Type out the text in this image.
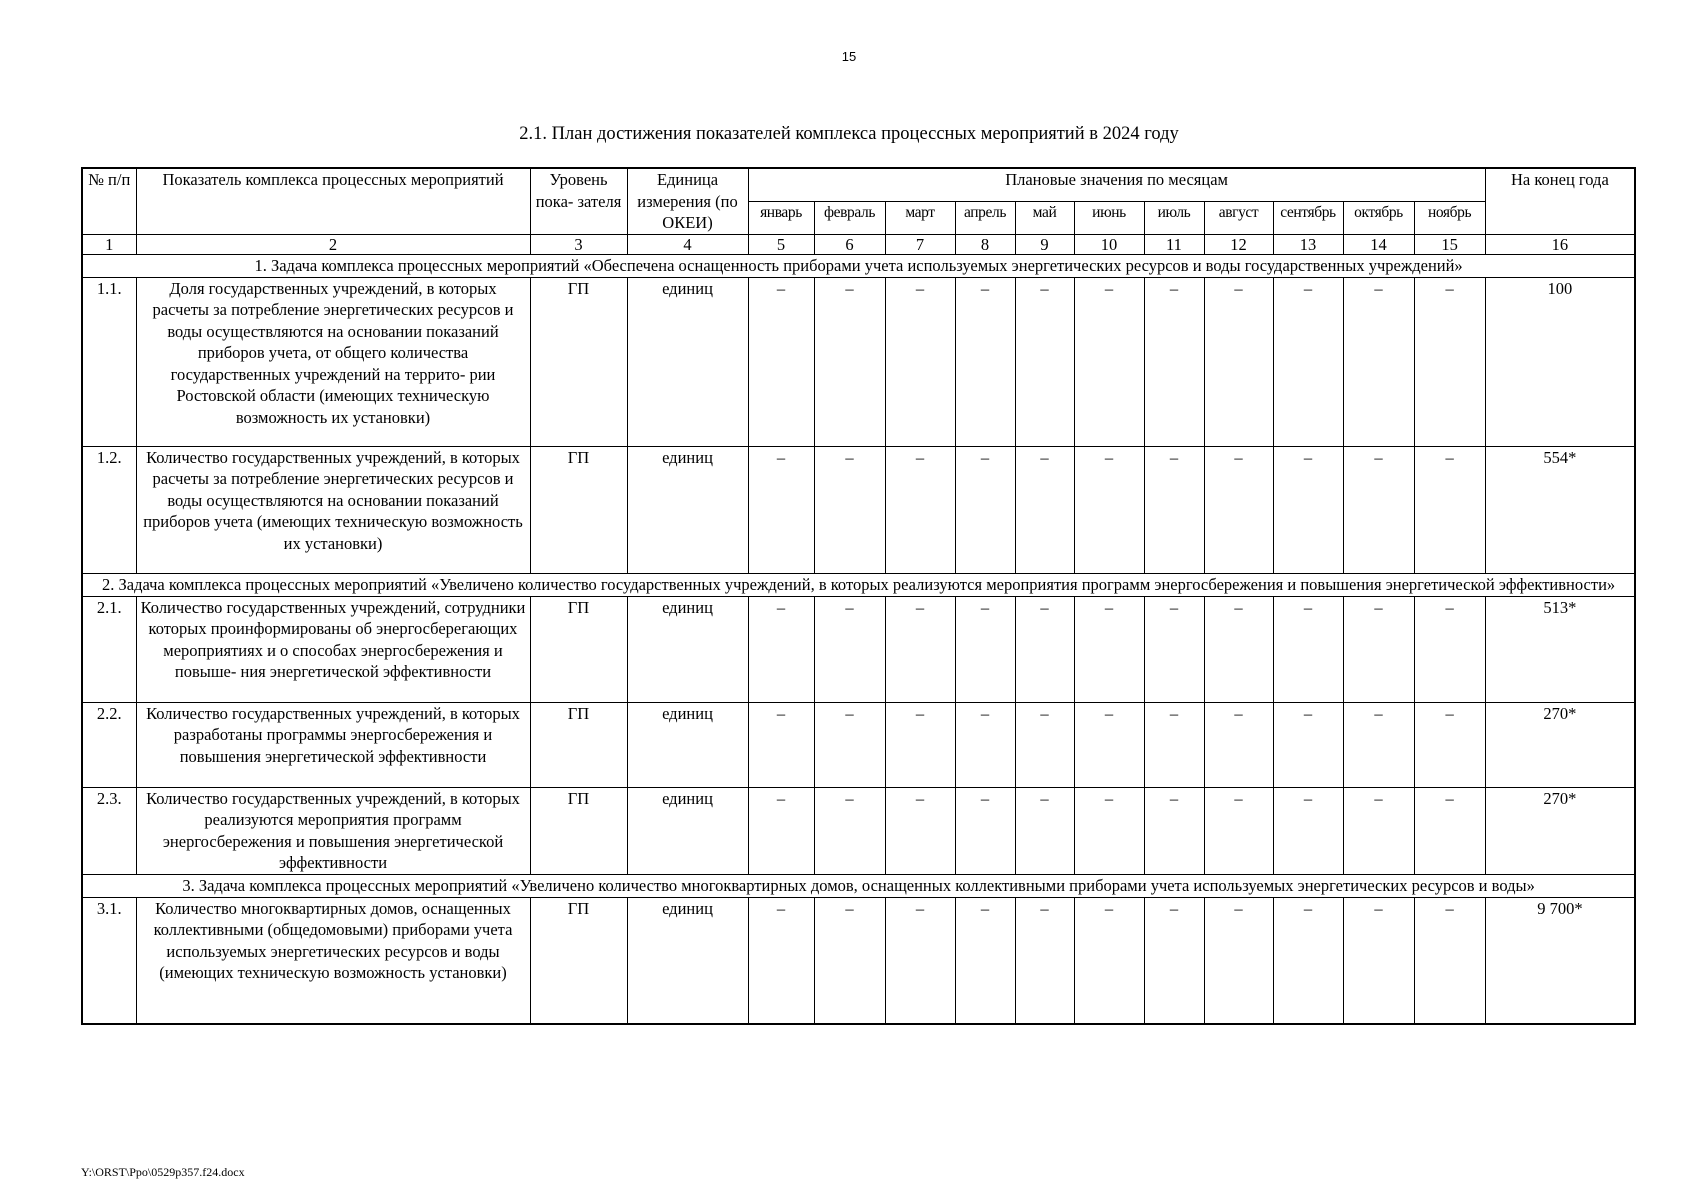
15
2.1. План достижения показателей комплекса процессных мероприятий в 2024 году
№ п/п	Показатель комплекса процессных мероприятий	Уровень пока- зателя	Единица измерения (по ОКЕИ)	Плановые значения по месяцам											На конец года
				январь	февраль	март	апрель	май	июнь	июль	август	сентябрь	октябрь	ноябрь	
1	2	3	4	5	6	7	8	9	10	11	12	13	14	15	16
1. Задача комплекса процессных мероприятий «Обеспечена оснащенность приборами учета используемых энергетических ресурсов и воды государственных учреждений»															
1.1.	Доля государственных учреждений, в которых расчеты за потребление энергетических ресурсов и воды осуществляются на основании показаний приборов учета, от общего количества государственных учреждений на террито- рии Ростовской области (имеющих техническую возможность их установки)	ГП	единиц	–	–	–	–	–	–	–	–	–	–	–	100
1.2.	Количество государственных учреждений, в которых расчеты за потребление энергетических ресурсов и воды осуществляются на основании показаний приборов учета (имеющих техническую возможность их установки)	ГП	единиц	–	–	–	–	–	–	–	–	–	–	–	554*
2. Задача комплекса процессных мероприятий «Увеличено количество государственных учреждений, в которых реализуются мероприятия программ энергосбережения и повышения энергетической эффективности»															
2.1.	Количество государственных учреждений, сотрудники которых проинформированы об энергосберегающих мероприятиях и о способах энергосбережения и повыше- ния энергетической эффективности	ГП	единиц	–	–	–	–	–	–	–	–	–	–	–	513*
2.2.	Количество государственных учреждений, в которых разработаны программы энергосбережения и повышения энергетической эффективности	ГП	единиц	–	–	–	–	–	–	–	–	–	–	–	270*
2.3.	Количество государственных учреждений, в которых реализуются мероприятия программ энергосбережения и повышения энергетической эффективности	ГП	единиц	–	–	–	–	–	–	–	–	–	–	–	270*
3. Задача комплекса процессных мероприятий «Увеличено количество многоквартирных домов, оснащенных коллективными приборами учета используемых энергетических ресурсов и воды»															
3.1.	Количество многоквартирных домов, оснащенных коллективными (общедомовыми) приборами учета используемых энергетических ресурсов и воды (имеющих техническую возможность установки)	ГП	единиц	–	–	–	–	–	–	–	–	–	–	–	9 700*
Y:\ORST\Ppo\0529p357.f24.docx
